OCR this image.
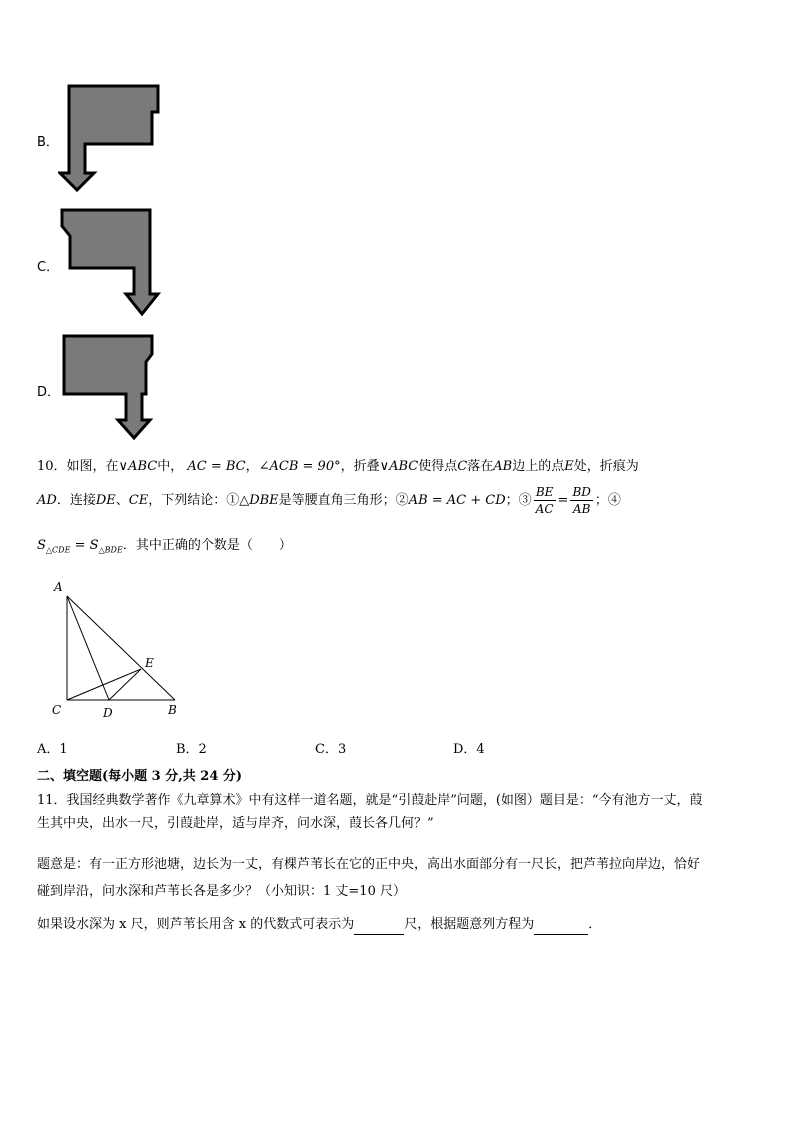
B．
C．
D．
10．如图，在∨ABC中， AC = BC，∠ACB = 90°，折叠∨ABC使得点C落在AB边上的点E处，折痕为
AD．连接DE、CE，下列结论：①△DBE是等腰直角三角形；②AB = AC + CD；③ $\frac{BE}{AC} = \frac{BD}{AB}$ ；④
$S_{\triangle CDE} = S_{\triangle BDE}$．其中正确的个数是（　　）
A
C	D	B
E
A．1	B．2	C．3	D．4
二、填空题(每小题 3 分,共 24 分)
11．我国经典数学著作《九章算术》中有这样一道名题，就是“引葭赴岸”问题，(如图）题目是：“今有池方一丈，葭
生其中央，出水一尺，引葭赴岸，适与岸齐，问水深，葭长各几何？”
题意是：有一正方形池塘，边长为一丈，有棵芦苇长在它的正中央，高出水面部分有一尺长，把芦苇拉向岸边，恰好
碰到岸沿，问水深和芦苇长各是多少？（小知识：1 丈=10 尺）
如果设水深为 x 尺，则芦苇长用含 x 的代数式可表示为	尺，根据题意列方程为	．
